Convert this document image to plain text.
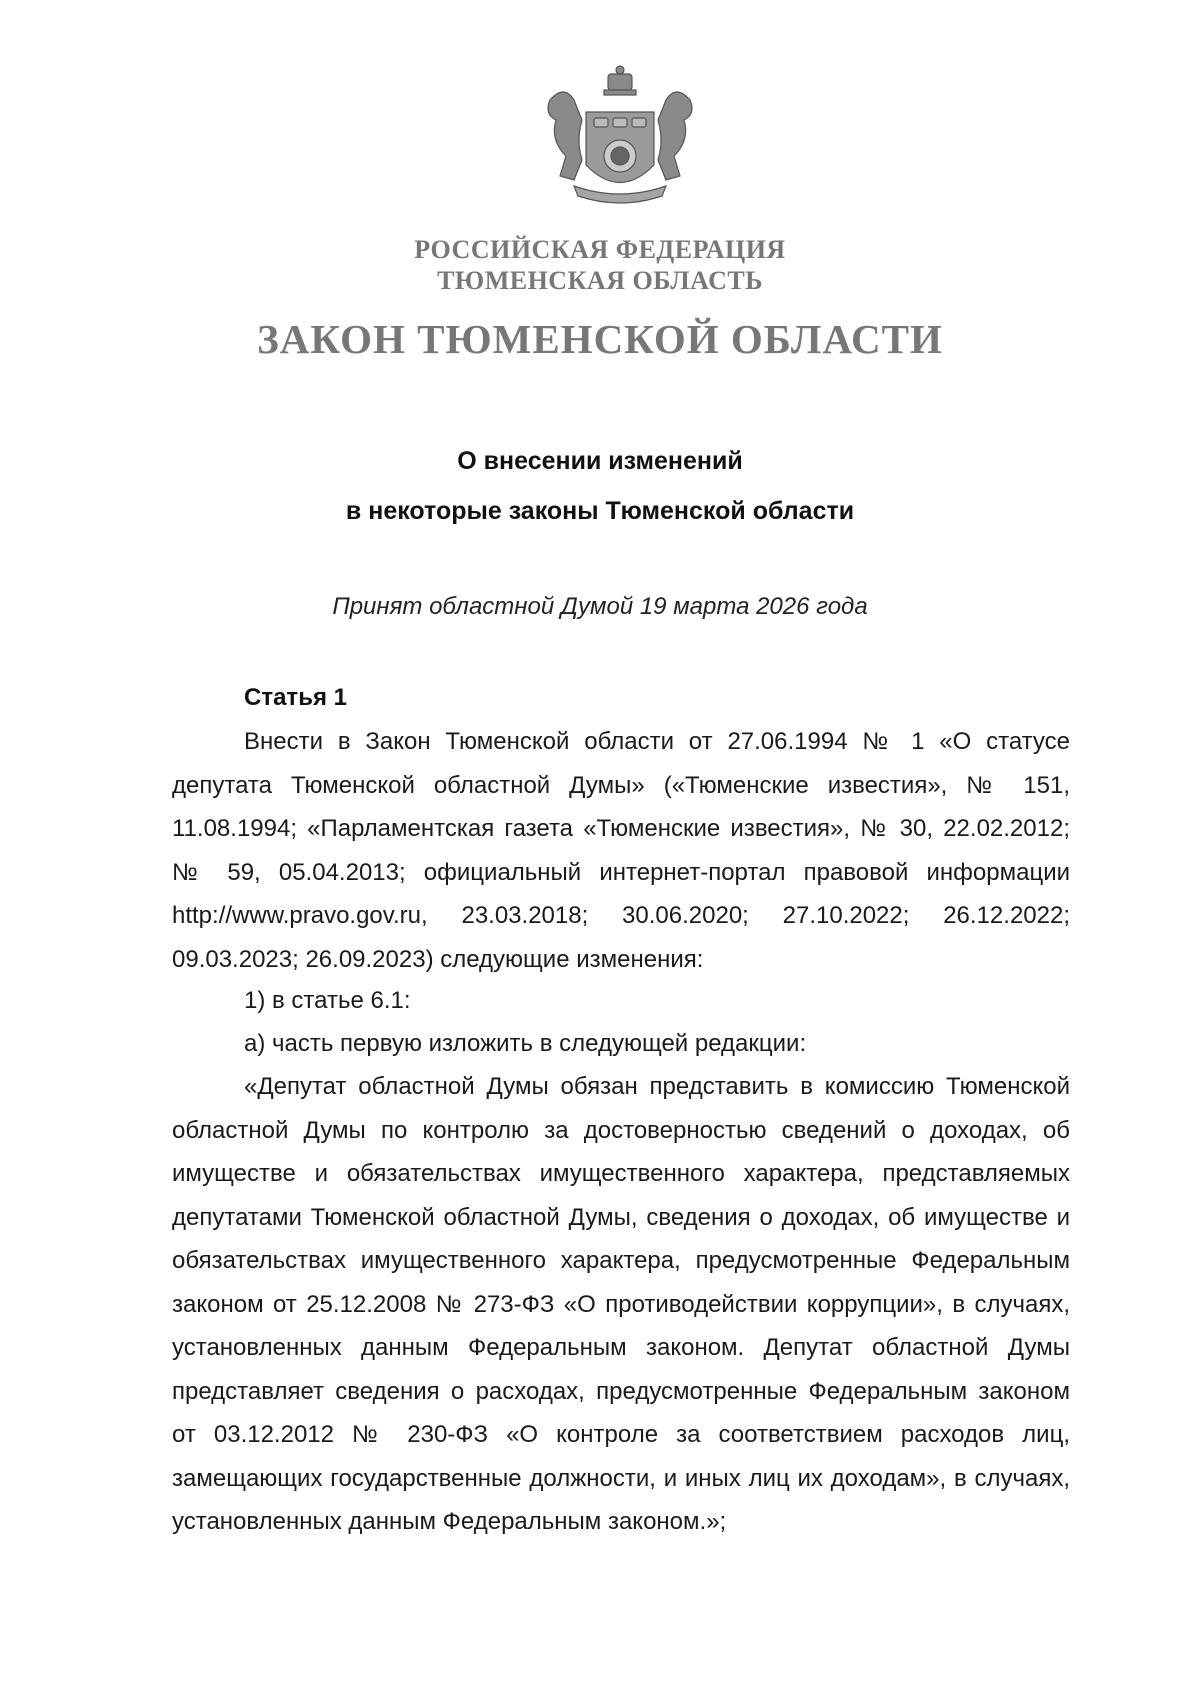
РОССИЙСКАЯ ФЕДЕРАЦИЯ
ТЮМЕНСКАЯ ОБЛАСТЬ
ЗАКОН ТЮМЕНСКОЙ ОБЛАСТИ
О внесении изменений
в некоторые законы Тюменской области
Принят областной Думой 19 марта 2026 года
Статья 1

Внести в Закон Тюменской области от 27.06.1994 № 1 «О статусе депутата Тюменской областной Думы» («Тюменские известия», № 151, 11.08.1994; «Парламентская газета «Тюменские известия», № 30, 22.02.2012; № 59, 05.04.2013; официальный интернет-портал правовой информации http://www.pravo.gov.ru, 23.03.2018; 30.06.2020; 27.10.2022; 26.12.2022; 09.03.2023; 26.09.2023) следующие изменения:

1) в статье 6.1:

а) часть первую изложить в следующей редакции:

«Депутат областной Думы обязан представить в комиссию Тюменской областной Думы по контролю за достоверностью сведений о доходах, об имуществе и обязательствах имущественного характера, представляемых депутатами Тюменской областной Думы, сведения о доходах, об имуществе и обязательствах имущественного характера, предусмотренные Федеральным законом от 25.12.2008 № 273-ФЗ «О противодействии коррупции», в случаях, установленных данным Федеральным законом. Депутат областной Думы представляет сведения о расходах, предусмотренные Федеральным законом от 03.12.2012 № 230-ФЗ «О контроле за соответствием расходов лиц, замещающих государственные должности, и иных лиц их доходам», в случаях, установленных данным Федеральным законом.»;
